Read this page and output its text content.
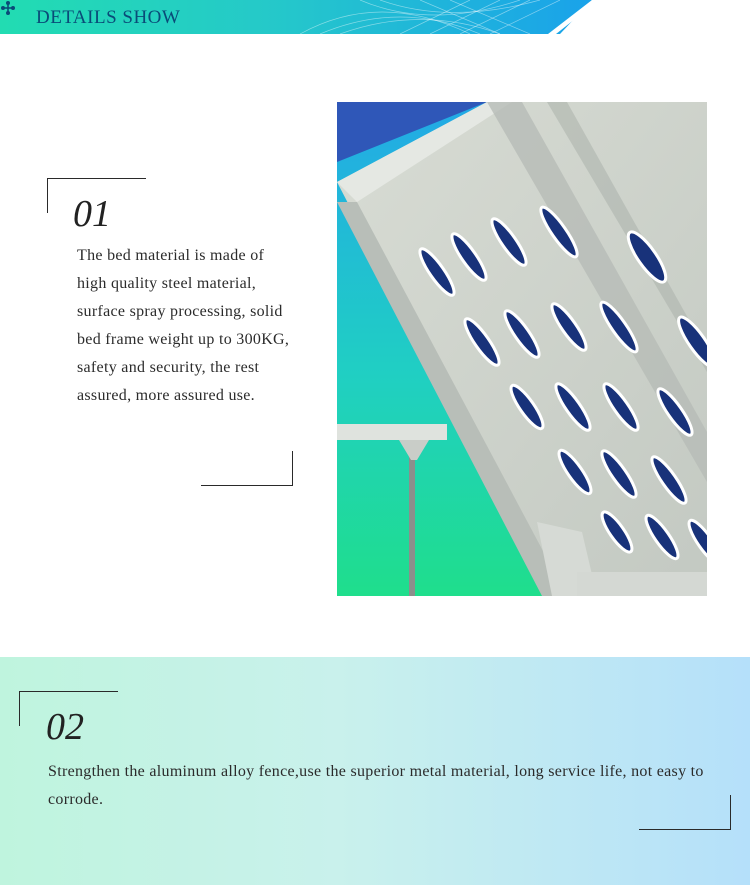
DETAILS SHOW
01
The bed material is made of high quality steel material, surface spray processing, solid bed frame weight up to 300KG, safety and security, the rest assured, more assured use.
02
Strengthen the aluminum alloy fence,use the superior metal material, long service life, not easy to corrode.
